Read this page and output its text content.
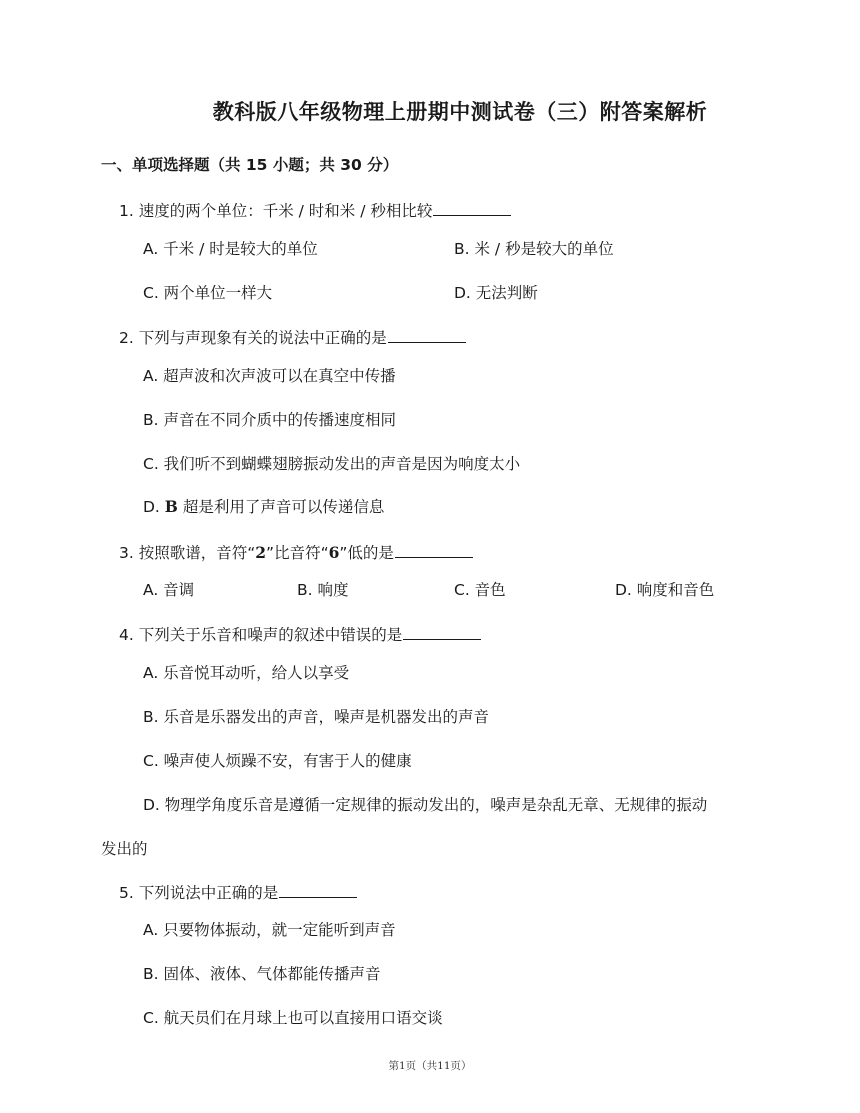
教科版八年级物理上册期中测试卷（三）附答案解析
一、单项选择题（共 15 小题；共 30 分）
1. 速度的两个单位：千米 / 时和米 / 秒相比较
A. 千米 / 时是较大的单位	B. 米 / 秒是较大的单位
C. 两个单位一样大	D. 无法判断
2. 下列与声现象有关的说法中正确的是
A. 超声波和次声波可以在真空中传播
B. 声音在不同介质中的传播速度相同
C. 我们听不到蝴蝶翅膀振动发出的声音是因为响度太小
D. B 超是利用了声音可以传递信息
3. 按照歌谱，音符“2”比音符“6”低的是
A. 音调	B. 响度	C. 音色	D. 响度和音色
4. 下列关于乐音和噪声的叙述中错误的是
A. 乐音悦耳动听，给人以享受
B. 乐音是乐器发出的声音，噪声是机器发出的声音
C. 噪声使人烦躁不安，有害于人的健康
D. 物理学角度乐音是遵循一定规律的振动发出的，噪声是杂乱无章、无规律的振动
发出的
5. 下列说法中正确的是
A. 只要物体振动，就一定能听到声音
B. 固体、液体、气体都能传播声音
C. 航天员们在月球上也可以直接用口语交谈
第1页（共11页）
